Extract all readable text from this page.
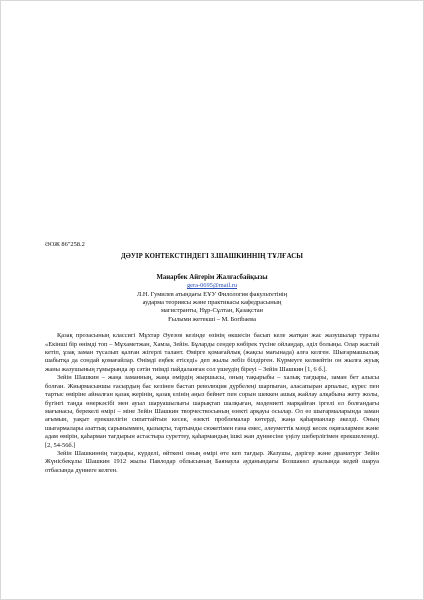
ӘОЖ 86"258.2
ДӘУІР КОНТЕКСТІНДЕГІ З.ШАШКИННІҢ ТҰЛҒАСЫ
Манарбек Айгерім Жалғасбайқызы
gera-0695@mail.ru
Л.Н. Гумилев атындағы ЕҰУ Филология факультетінің
аударма теориясы және практикасы кафедрасының
магистранты, Нұр-Сұлтан, Қазақстан
Ғылыми жетекші – М. Боribаева

Қазақ прозасының классигі Мұхтар Әуезов кезінде өзінің өкшесін басып келе жатқан жас жазушылар туралы «Екінші бір өнімді топ – Мұхаметжан, Хамза, Зейін. Бұларды сендер көбірек түсіне ойлаңдар, әділ болыңы. Олар жастай кетіп, ұзақ заман түсалып қалған жігерлі талант. Өмірге қомағайлық (жақсы мағынада) алға келген. Шығармашылық шабытқа да сондай қомағайлар. Өнімді еңбек етіседі» деп жылы лебіз білдірген. Күрмеуге келмейтін он жылға жуық жаны жазушының гұмырында әр сәтін тиімді пайдаланған сол үшеудің біреуі – Зейін Шашкин [1, 6 б.].

Зейін Шашкин – жаңа заманның, жаңа өмірдің жыршысы, оның тақырыбы – халық тағдыры, заман бет алысы болған. Жиырмасыншы ғасырдың бас кезінен бастап революция дүрбелеңі шарпыған, аласапыран арпалыс, күрес пен тартыс өміріне айналған қазақ жерінің, қазақ елінің аңыз бейнет пен сорын шеккен ашық жайлау алқабына жету жолы, бүгінгі таңда өнеркәсібі мен ауыл шаруашылығы шарықтап шалқыған, мәдениеті марқайған іргелі ел болғандағы мағынасы, берекелі өмірі – міне Зейін Шашкин творчествосының өзекті арқауы осылар. Ол өз шығармаларында заман ағымын, уақыт ерекшелігін сипаттайтын кесек, өзекті проблемалар көтерді, жаңа қаһарманлар әкелді. Оның шығармалары азаттық сарыныммен, қызықты, тартымды сюжетімен ғана емес, әлеуметтік мәнді кесек оқиғалармен және адам өмірін, қаһарман тағдырын астастыра суреттеу, қаһармандың ішкі жан дүниесіне үңілу шеберлігімен ерекшеленеді. [2, 54-56б.]

Зейін Шашкиннің тағдыры, күрделі, өйткені оның өмірі өте кеп тағдыр. Жазушы, дәрігер және драматург Зейін Жүнісбекұлы Шашкин 1912 жылы Павлодар облысының Баянаула ауданындағы Бозшакөл ауылында кедей шаруа отбасында дүниеге келген.
